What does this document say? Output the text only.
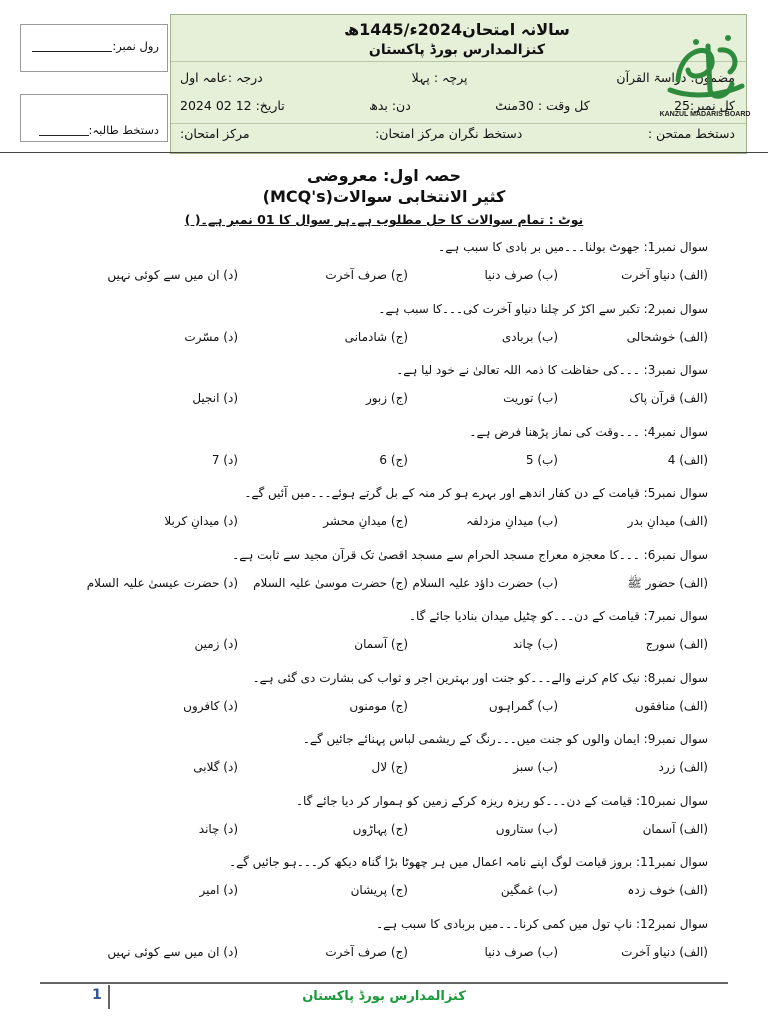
رول نمبر:
دستخط طالبہ:
سالانہ امتحان2024ء/1445ھ
کنزالمدارس بورڈ پاکستان
درجہ :عامہ اول	پرچہ : پہلا	مضمون: دراسۃ القرآن
تاریخ: 12 02 2024	دن: بدھ	کل وقت : 30منٹ	کل نمبر:25
مرکز امتحان:	دستخط نگران مرکز امتحان:	دستخط ممتحن :
KANZUL MADARIS BOARD
حصہ اول: معروضی
کثیر الانتخابی سوالات(MCQ's)
نوٹ : تمام سوالات کا حل مطلوب ہے۔ہر سوال کا 01 نمبر ہے۔( )
سوال نمبر1: جھوٹ بولنا۔۔۔میں بر بادی کا سبب ہے۔
(الف) دنیاو آخرت
(ب) صرف دنیا
(ج) صرف آخرت
(د) ان میں سے کوئی نہیں
سوال نمبر2: تکبر سے اکڑ کر چلنا دنیاو آخرت کی۔۔۔کا سبب ہے۔
(الف) خوشحالی
(ب) بربادی
(ج) شادمانی
(د) مسّرت
سوال نمبر3: ۔۔۔کی حفاظت کا ذمہ اللہ تعالیٰ نے خود لیا ہے۔
(الف) قرآن پاک
(ب) توریت
(ج) زبور
(د) انجیل
سوال نمبر4: ۔۔۔وقت کی نماز پڑھنا فرض ہے۔
(الف) 4
(ب) 5
(ج) 6
(د) 7
سوال نمبر5: قیامت کے دن کفار اندھے اور بہرے ہو کر منہ کے بل گرتے ہوئے۔۔۔میں آئیں گے۔
(الف) میدانِ بدر
(ب) میدانِ مزدلفہ
(ج) میدانِ محشر
(د) میدانِ کربلا
سوال نمبر6: ۔۔۔کا معجزہ معراج مسجد الحرام سے مسجد اقصیٰ تک قرآن مجید سے ثابت ہے۔
(الف) حضور ﷺ
(ب) حضرت داؤد علیہ السلام
(ج) حضرت موسیٰ علیہ السلام
(د) حضرت عیسیٰ علیہ السلام
سوال نمبر7: قیامت کے دن۔۔۔کو چٹیل میدان بنادیا جائے گا۔
(الف) سورج
(ب) چاند
(ج) آسمان
(د) زمین
سوال نمبر8: نیک کام کرنے والے۔۔۔کو جنت اور بہترین اجر و ثواب کی بشارت دی گئی ہے۔
(الف) منافقوں
(ب) گمراہوں
(ج) مومنوں
(د) کافروں
سوال نمبر9: ایمان والوں کو جنت میں۔۔۔رنگ کے ریشمی لباس پہنائے جائیں گے۔
(الف) زرد
(ب) سبز
(ج) لال
(د) گلابی
سوال نمبر10: قیامت کے دن۔۔۔کو ریزہ ریزہ کرکے زمین کو ہموار کر دیا جائے گا۔
(الف) آسمان
(ب) ستاروں
(ج) پہاڑوں
(د) چاند
سوال نمبر11: بروز قیامت لوگ اپنے نامہ اعمال میں ہر چھوٹا بڑا گناہ دیکھ کر۔۔۔ہو جائیں گے۔
(الف) خوف زدہ
(ب) غمگین
(ج) پریشان
(د) امیر
سوال نمبر12: ناپ تول میں کمی کرنا۔۔۔میں بربادی کا سبب ہے۔
(الف) دنیاو آخرت
(ب) صرف دنیا
(ج) صرف آخرت
(د) ان میں سے کوئی نہیں
1	کنزالمدارس بورڈ پاکستان
